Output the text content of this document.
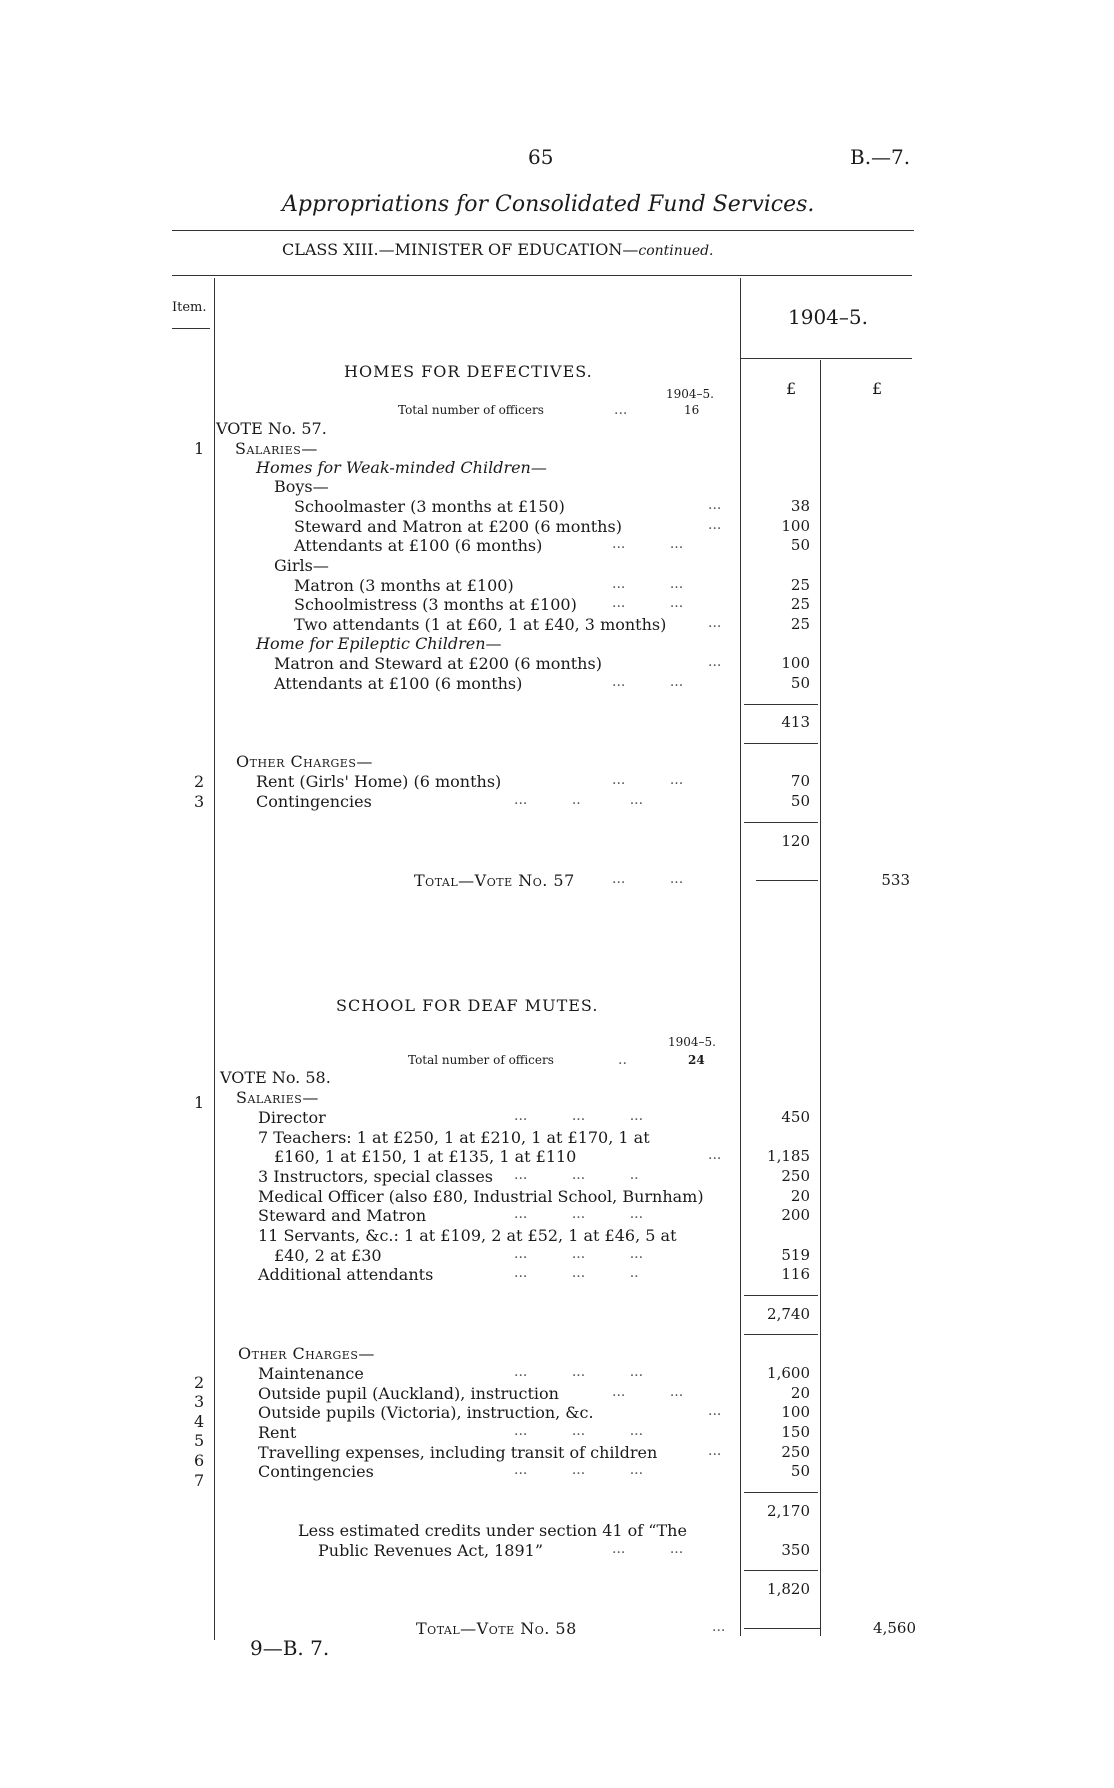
65	B.—7.
Appropriations for Consolidated Fund Services.
CLASS XIII.—MINISTER OF EDUCATION—continued.
Item.	1904–5.
£	£
HOMES FOR DEFECTIVES.
1904–5.
Total number of officers	...	16
VOTE No. 57.
1 Salaries—
Homes for Weak-minded Children—
Boys—
Schoolmaster (3 months at £150)	...	38
Steward and Matron at £200 (6 months)	...	100
Attendants at £100 (6 months)	...          ...	50
Girls—
Matron (3 months at £100)	...          ...	25
Schoolmistress (3 months at £100)	...          ...	25
Two attendants (1 at £60, 1 at £40, 3 months)	...	25
Home for Epileptic Children—
Matron and Steward at £200 (6 months)	...	100
Attendants at £100 (6 months)	...          ...	50
413
Other Charges—
2	Rent (Girls' Home) (6 months)	...          ...	70
3	Contingencies	...          ..           ...	50
120
Total—Vote No. 57	...          ...	533
SCHOOL FOR DEAF MUTES.
1904–5.
Total number of officers	..	24
VOTE No. 58.
1 Salaries—
Director	...          ...          ...	450
7 Teachers: 1 at £250, 1 at £210, 1 at £170, 1 at
£160, 1 at £150, 1 at £135, 1 at £110	...	1,185
3 Instructors, special classes ...          ...          ..	250
Medical Officer (also £80, Industrial School, Burnham)	20
Steward and Matron	...          ...          ...	200
11 Servants, &c.: 1 at £109, 2 at £52, 1 at £46, 5 at
£40, 2 at £30	...          ...          ...	519
Additional attendants	...          ...          ..	116
2,740
Other Charges—
2	Maintenance	...          ...          ...	1,600
3	Outside pupil (Auckland), instruction	...          ...	20
4	Outside pupils (Victoria), instruction, &c.	...	100
5	Rent	...          ...          ...	150
6	Travelling expenses, including transit of children	...	250
7	Contingencies	...          ...          ...	50
2,170
Less estimated credits under section 41 of “The
Public Revenues Act, 1891”	...          ...	350
1,820
Total—Vote No. 58	...	4,560
9—B. 7.
